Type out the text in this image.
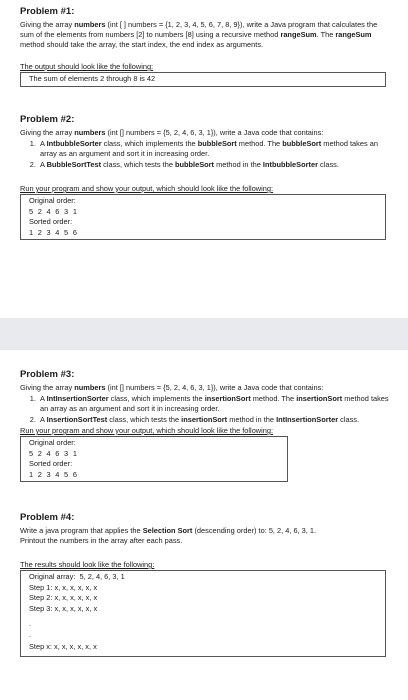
Problem #1:
Giving the array numbers (int [ ] numbers = {1, 2, 3, 4, 5, 6, 7, 8, 9}), write a Java program that calculates the sum of the elements from numbers [2] to numbers [8] using a recursive method rangeSum. The rangeSum method should take the array, the start index, the end index as arguments.
The output should look like the following:
The sum of elements 2 through 8 is 42
Problem #2:
Giving the array numbers (int [] numbers = {5, 2, 4, 6, 3, 1}), write a Java code that contains:
1. A IntbubbleSorter class, which implements the bubbleSort method. The bubbleSort method takes an array as an argument and sort it in increasing order.
2. A BubbleSortTest class, which tests the bubbleSort method in the IntbubbleSorter class.
Run your program and show your output, which should look like the following:
Original order:
5 2 4 6 3 1
Sorted order:
1 2 3 4 5 6
Problem #3:
Giving the array numbers (int [] numbers = {5, 2, 4, 6, 3, 1}), write a Java code that contains:
1. A IntInsertionSorter class, which implements the insertionSort method. The insertionSort method takes an array as an argument and sort it in increasing order.
2. A InsertionSortTest class, which tests the insertionSort method in the IntInsertionSorter class.
Run your program and show your output, which should look like the following:
Original order:
5 2 4 6 3 1
Sorted order:
1 2 3 4 5 6
Problem #4:
Write a java program that applies the Selection Sort (descending order) to: 5, 2, 4, 6, 3, 1.
Printout the numbers in the array after each pass.
The results should look like the following:
Original array:  5, 2, 4, 6, 3, 1
Step 1: x, x, x, x, x, x
Step 2: x, x, x, x, x, x
Step 3: x, x, x, x, x, x
.
.
Step x: x, x, x, x, x, x
